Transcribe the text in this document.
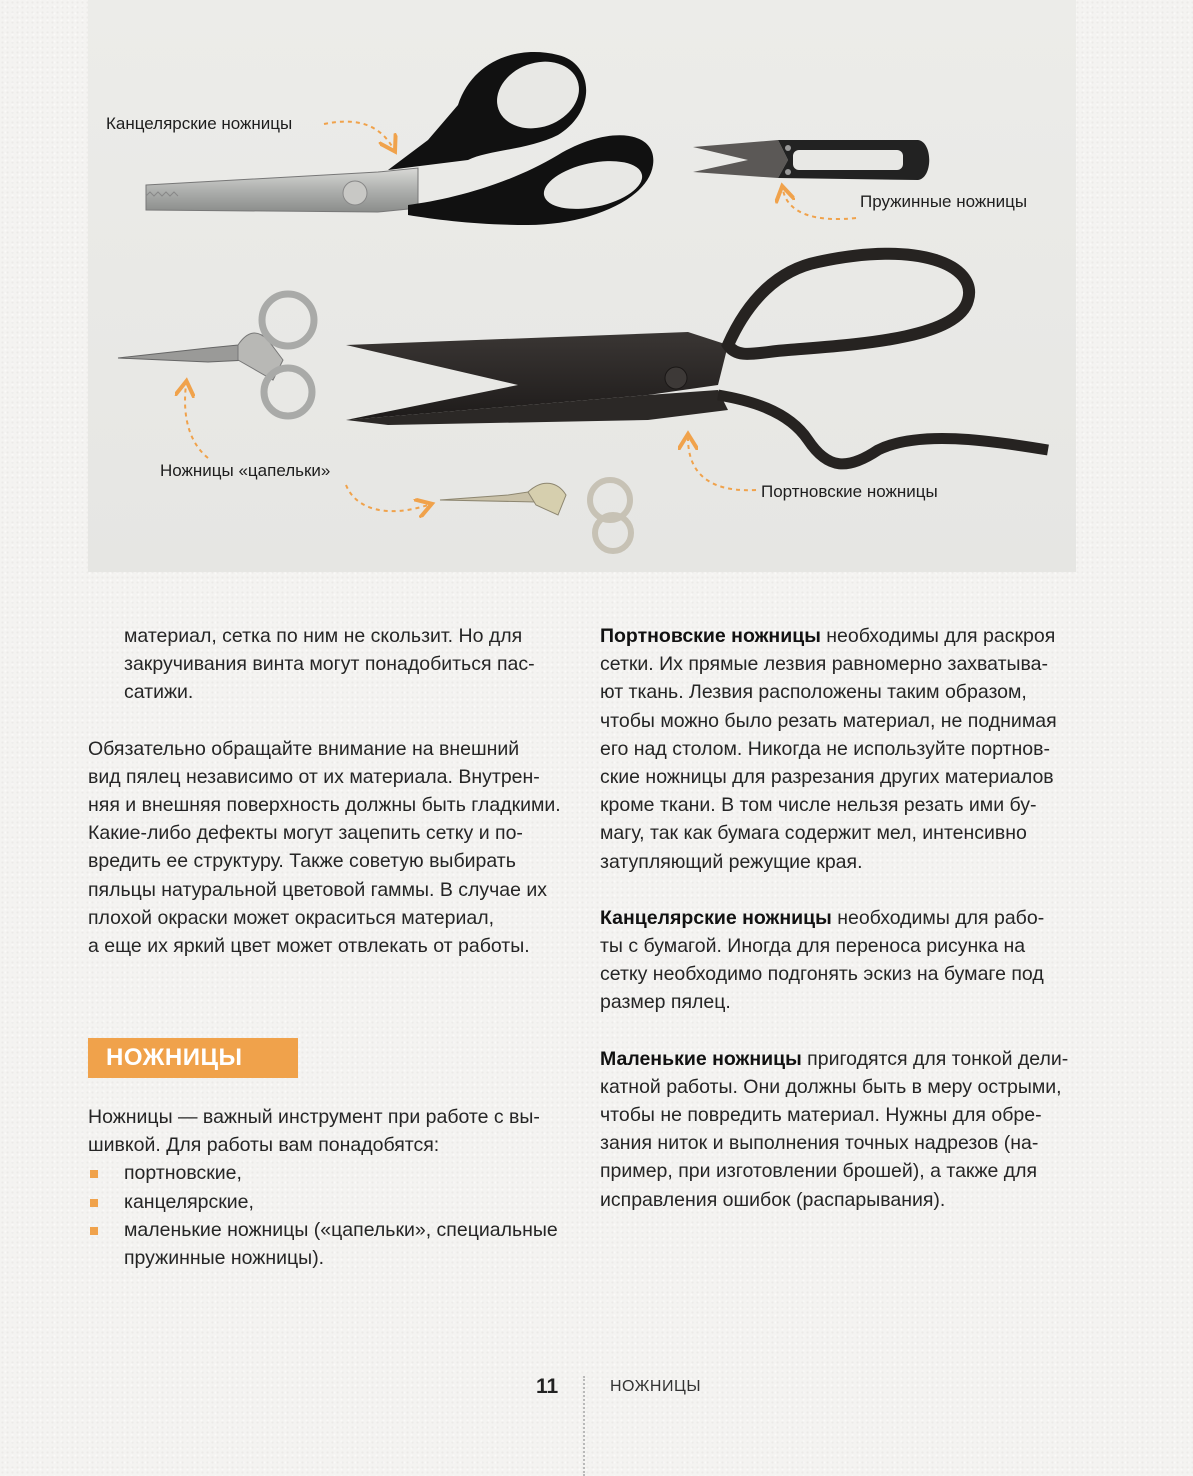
Канцелярские ножницы
Пружинные ножницы
Ножницы «цапельки»
Портновские ножницы

материал, сетка по ним не скользит. Но для

закручивания винта могут понадобиться пас-

сатижи.

Обязательно обращайте внимание на внешний

вид пялец независимо от их материала. Внутрен-

няя и внешняя поверхность должны быть гладкими.

Какие-либо дефекты могут зацепить сетку и по-

вредить ее структуру. Также советую выбирать

пяльцы натуральной цветовой гаммы. В случае их

плохой окраски может окраситься материал,

а еще их яркий цвет может отвлекать от работы.

НОЖНИЦЫ

Ножницы — важный инструмент при работе с вы-

шивкой. Для работы вам понадобятся:

портновские,
канцелярские,
маленькие ножницы («цапельки», специальные
пружинные ножницы).

Портновские ножницы необходимы для раскроя

сетки. Их прямые лезвия равномерно захватыва-

ют ткань. Лезвия расположены таким образом,

чтобы можно было резать материал, не поднимая

его над столом. Никогда не используйте портнов-

ские ножницы для разрезания других материалов

кроме ткани. В том числе нельзя резать ими бу-

магу, так как бумага содержит мел, интенсивно

затупляющий режущие края.

Канцелярские ножницы необходимы для рабо-

ты с бумагой. Иногда для переноса рисунка на

сетку необходимо подгонять эскиз на бумаге под

размер пялец.

Маленькие ножницы пригодятся для тонкой дели-

катной работы. Они должны быть в меру острыми,

чтобы не повредить материал. Нужны для обре-

зания ниток и выполнения точных надрезов (на-

пример, при изготовлении брошей), а также для

исправления ошибок (распарывания).

11	НОЖНИЦЫ
